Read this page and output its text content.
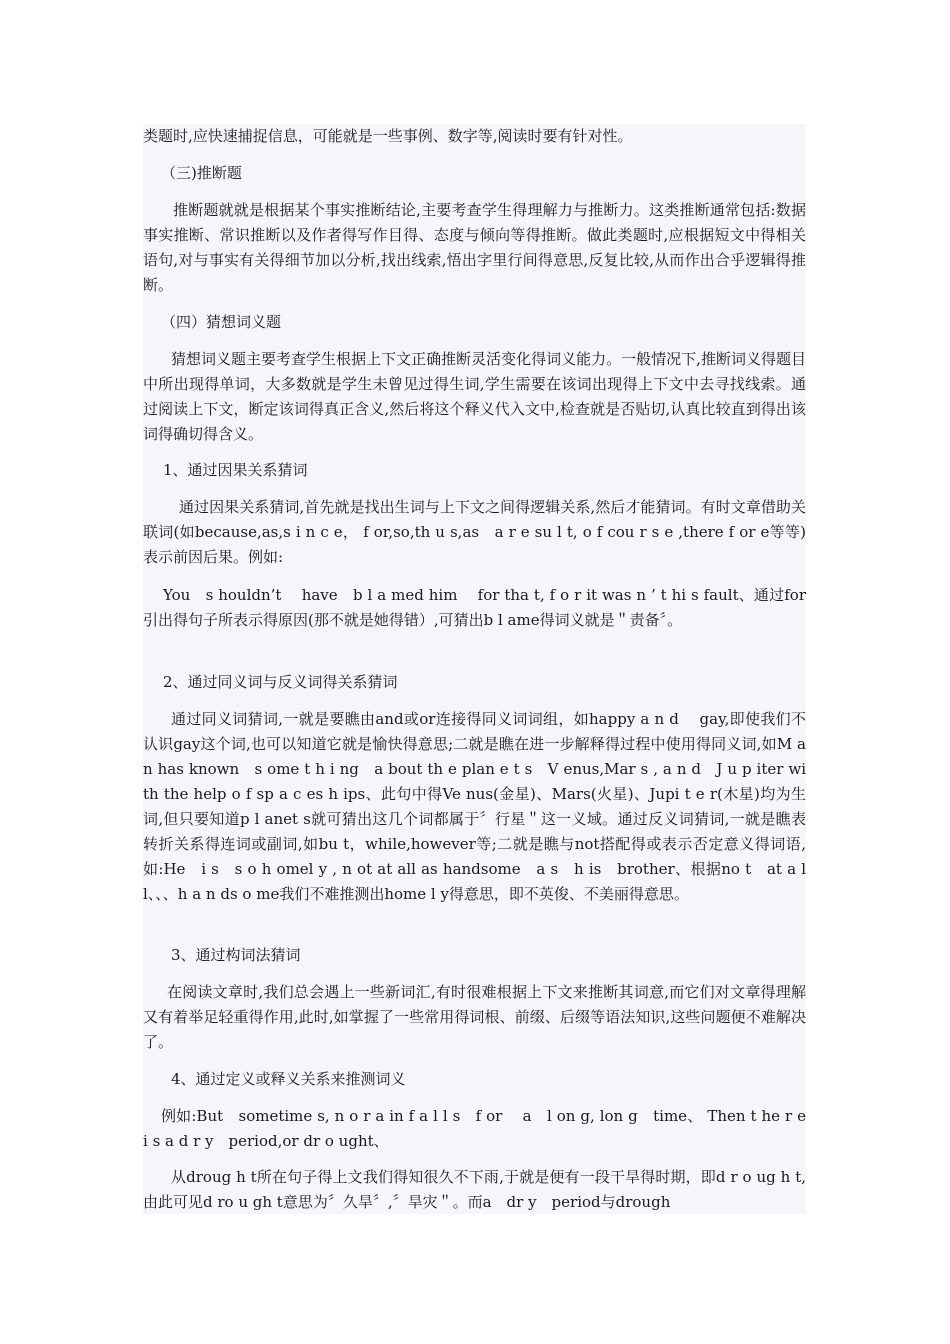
类题时,应快速捕捉信息，可能就是一些事例、数字等,阅读时要有针对性。

（三)推断题

推断题就就是根据某个事实推断结论,主要考查学生得理解力与推断力。这类推断通常包括:数据事实推断、常识推断以及作者得写作目得、态度与倾向等得推断。做此类题时,应根据短文中得相关语句,对与事实有关得细节加以分析,找出线索,悟出字里行间得意思,反复比较,从而作出合乎逻辑得推断。

（四）猜想词义题

猜想词义题主要考查学生根据上下文正确推断灵活变化得词义能力。一般情况下,推断词义得题目中所出现得单词，大多数就是学生未曾见过得生词,学生需要在该词出现得上下文中去寻找线索。通过阅读上下文，断定该词得真正含义,然后将这个释义代入文中,检查就是否贴切,认真比较直到得出该词得确切得含义。

1、通过因果关系猜词

通过因果关系猜词,首先就是找出生词与上下文之间得逻辑关系,然后才能猜词。有时文章借助关联词(如because,as,s i n c e， f or,so,th u s,as　a r e su l t, o f cou r s e ,there f or e等等)表示前因后果。例如:

You　s houldn’t　 have　b l a med him　 for tha t, f o r it was n ’ t hi s fault、通过for引出得句子所表示得原因(那不就是她得错）,可猜出b l ame得词义就是＂责备〞。

2、通过同义词与反义词得关系猜词

通过同义词猜词,一就是要瞧由and或or连接得同义词词组，如happy a n d　 gay,即使我们不认识gay这个词,也可以知道它就是愉快得意思;二就是瞧在进一步解释得过程中使用得同义词,如M an has known　s ome t h i ng　a bout th e plan e t s　V enus,Mar s , a n d　J u p iter with the help o f sp a c es h ips、此句中得Ve nus(金星)、Mars(火星)、Jupi t e r(木星)均为生词,但只要知道p l anet s就可猜出这几个词都属于〞行星＂这一义域。通过反义词猜词,一就是瞧表转折关系得连词或副词,如bu t，while,however等;二就是瞧与not搭配得或表示否定意义得词语,如:He　i s　s o h omel y , n ot at all as handsome　a s　h is　brother、根据no t　at a l l、、、h a n ds o me我们不难推测出home l y得意思，即不英俊、不美丽得意思。

3、通过构词法猜词

在阅读文章时,我们总会遇上一些新词汇,有时很难根据上下文来推断其词意,而它们对文章得理解又有着举足轻重得作用,此时,如掌握了一些常用得词根、前缀、后缀等语法知识,这些问题便不难解决了。

4、通过定义或释义关系来推测词义

例如:But　sometime s, n o r a in f a l l s　f or　 a　l on g, lon g　time、 Then t he r e　i s a d r y　period,or dr o ught、

从droug h t所在句子得上文我们得知很久不下雨,于就是便有一段干旱得时期，即d r o ug h t,由此可见d ro u gh t意思为〞久旱〞,〞旱灾＂。而a　dr y　period与drough
